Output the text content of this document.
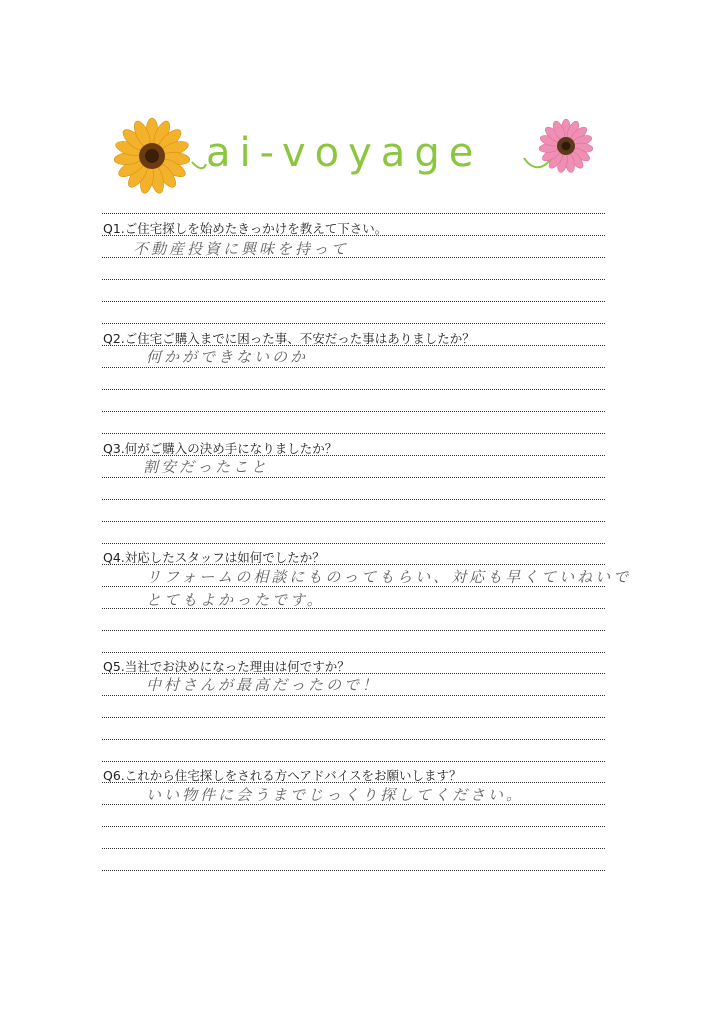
ai-voyage
Q1.ご住宅探しを始めたきっかけを教えて下さい。
不動産投資に興味を持って
Q2.ご住宅ご購入までに困った事、不安だった事はありましたか？
何かができないのか
Q3.何がご購入の決め手になりましたか？
割安だったこと
Q4.対応したスタッフは如何でしたか？
リフォームの相談にものってもらい、対応も早くていねいで
とてもよかったです。
Q5.当社でお決めになった理由は何ですか？
中村さんが最高だったので！
Q6.これから住宅探しをされる方へアドバイスをお願いします？
いい物件に会うまでじっくり探してください。
